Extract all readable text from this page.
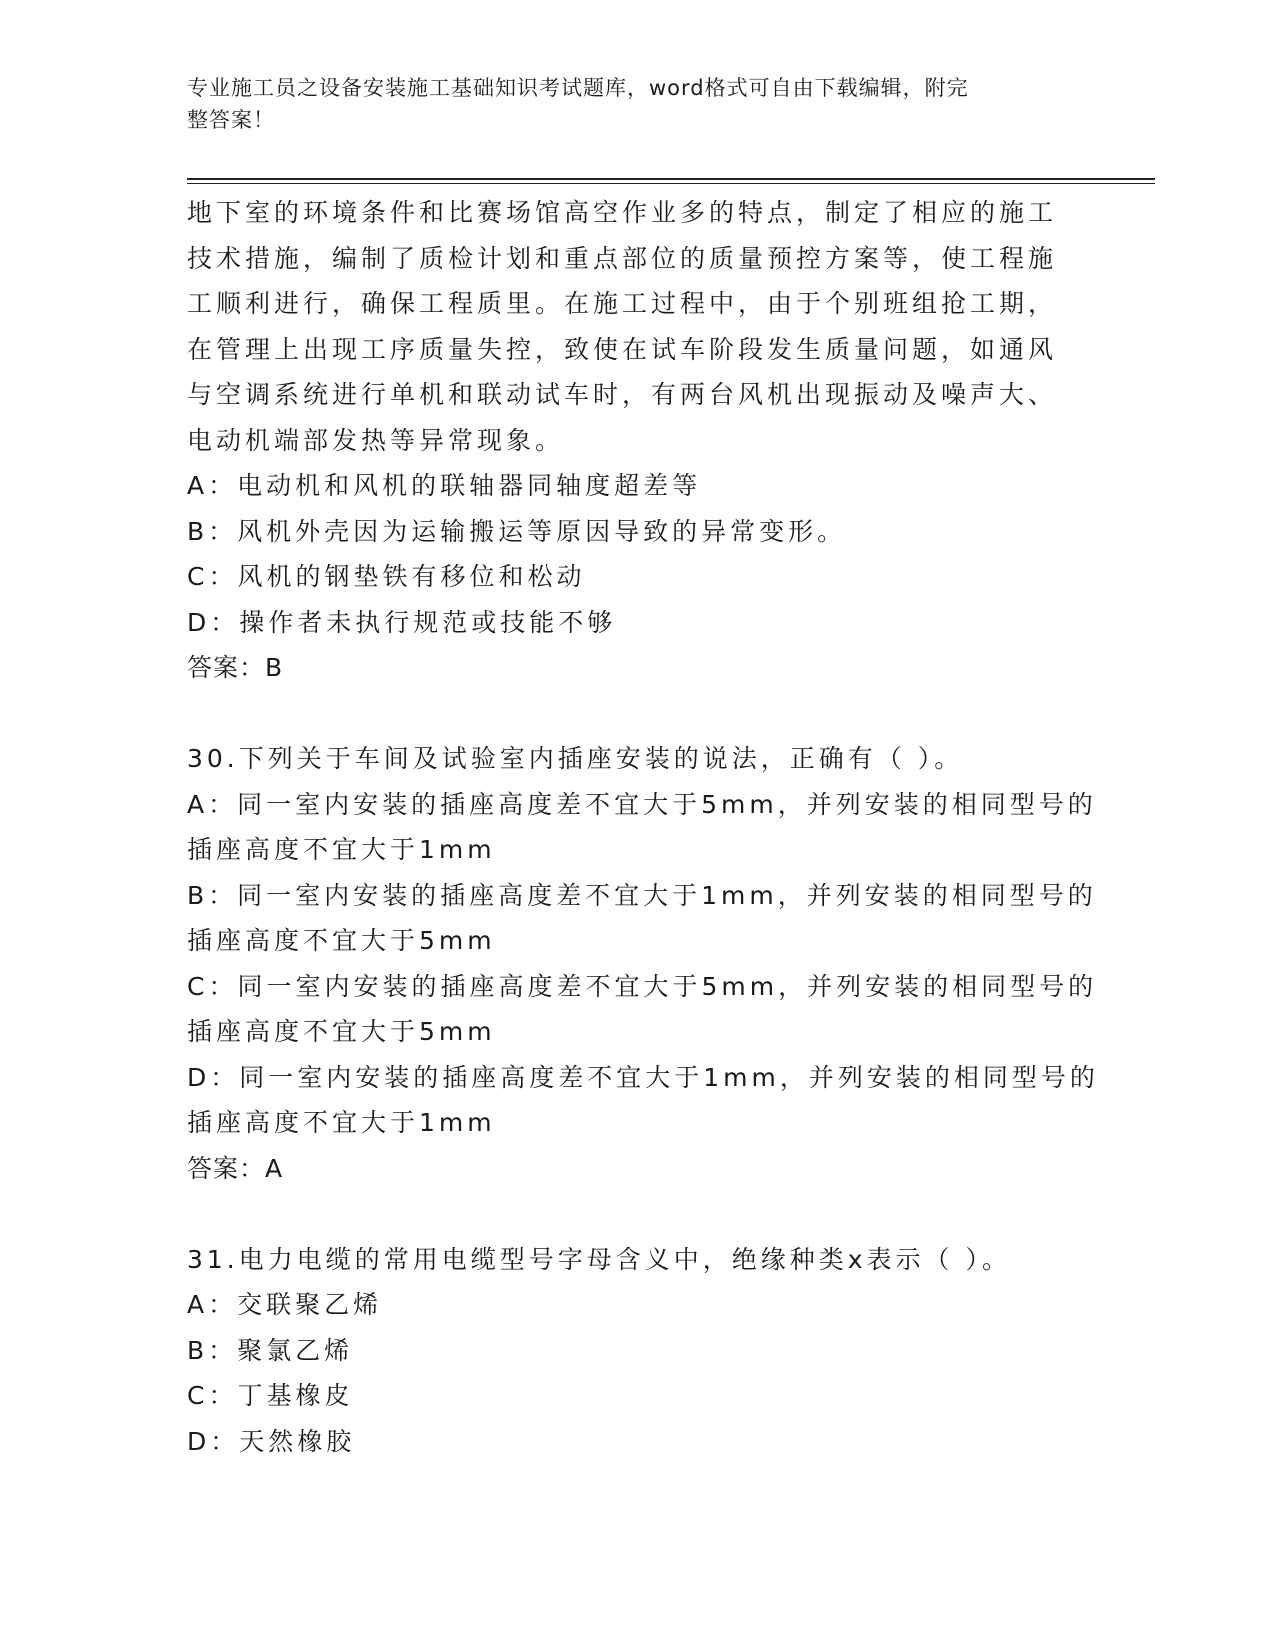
专业施工员之设备安装施工基础知识考试题库，word格式可自由下载编辑，附完
整答案！
地下室的环境条件和比赛场馆高空作业多的特点，制定了相应的施工
技术措施，编制了质检计划和重点部位的质量预控方案等，使工程施
工顺利进行，确保工程质里。在施工过程中，由于个别班组抢工期，
在管理上出现工序质量失控，致使在试车阶段发生质量问题，如通风
与空调系统进行单机和联动试车时，有两台风机出现振动及噪声大、
电动机端部发热等异常现象。
A：电动机和风机的联轴器同轴度超差等
B：风机外壳因为运输搬运等原因导致的异常变形。
C：风机的钢垫铁有移位和松动
D：操作者未执行规范或技能不够
答案：B
30.下列关于车间及试验室内插座安装的说法，正确有（ ）。
A：同一室内安装的插座高度差不宜大于5mm，并列安装的相同型号的
插座高度不宜大于1mm
B：同一室内安装的插座高度差不宜大于1mm，并列安装的相同型号的
插座高度不宜大于5mm
C：同一室内安装的插座高度差不宜大于5mm，并列安装的相同型号的
插座高度不宜大于5mm
D：同一室内安装的插座高度差不宜大于1mm，并列安装的相同型号的
插座高度不宜大于1mm
答案：A
31.电力电缆的常用电缆型号字母含义中，绝缘种类x表示（ ）。
A：交联聚乙烯
B：聚氯乙烯
C：丁基橡皮
D：天然橡胶
